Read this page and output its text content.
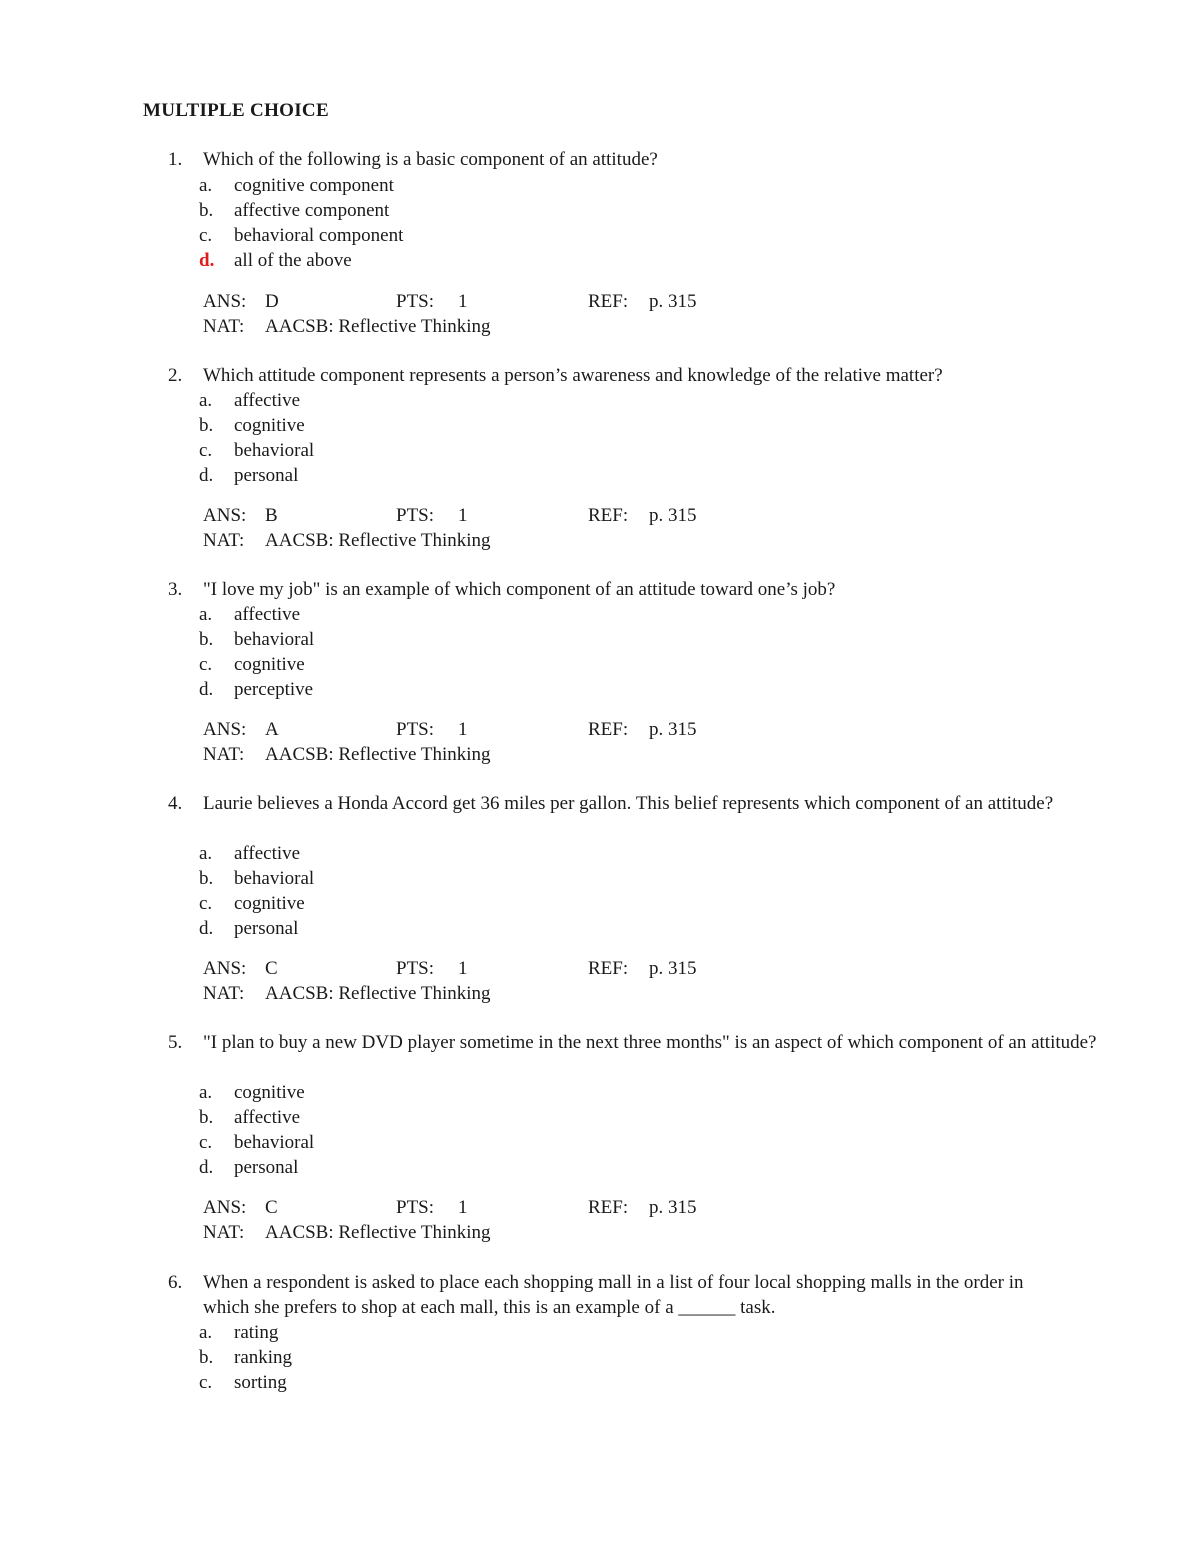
MULTIPLE CHOICE
1. Which of the following is a basic component of an attitude?
a. cognitive component
b. affective component
c. behavioral component
d. all of the above
ANS: D	PTS: 1	REF: p. 315
NAT: AACSB: Reflective Thinking
2. Which attitude component represents a person’s awareness and knowledge of the relative matter?
a. affective
b. cognitive
c. behavioral
d. personal
ANS: B	PTS: 1	REF: p. 315
NAT: AACSB: Reflective Thinking
3. "I love my job" is an example of which component of an attitude toward one’s job?
a. affective
b. behavioral
c. cognitive
d. perceptive
ANS: A	PTS: 1	REF: p. 315
NAT: AACSB: Reflective Thinking
4. Laurie believes a Honda Accord get 36 miles per gallon. This belief represents which component of an attitude?
a. affective
b. behavioral
c. cognitive
d. personal
ANS: C	PTS: 1	REF: p. 315
NAT: AACSB: Reflective Thinking
5. "I plan to buy a new DVD player sometime in the next three months" is an aspect of which component of an attitude?
a. cognitive
b. affective
c. behavioral
d. personal
ANS: C	PTS: 1	REF: p. 315
NAT: AACSB: Reflective Thinking
6. When a respondent is asked to place each shopping mall in a list of four local shopping malls in the order in which she prefers to shop at each mall, this is an example of a ______ task.
a. rating
b. ranking
c. sorting
